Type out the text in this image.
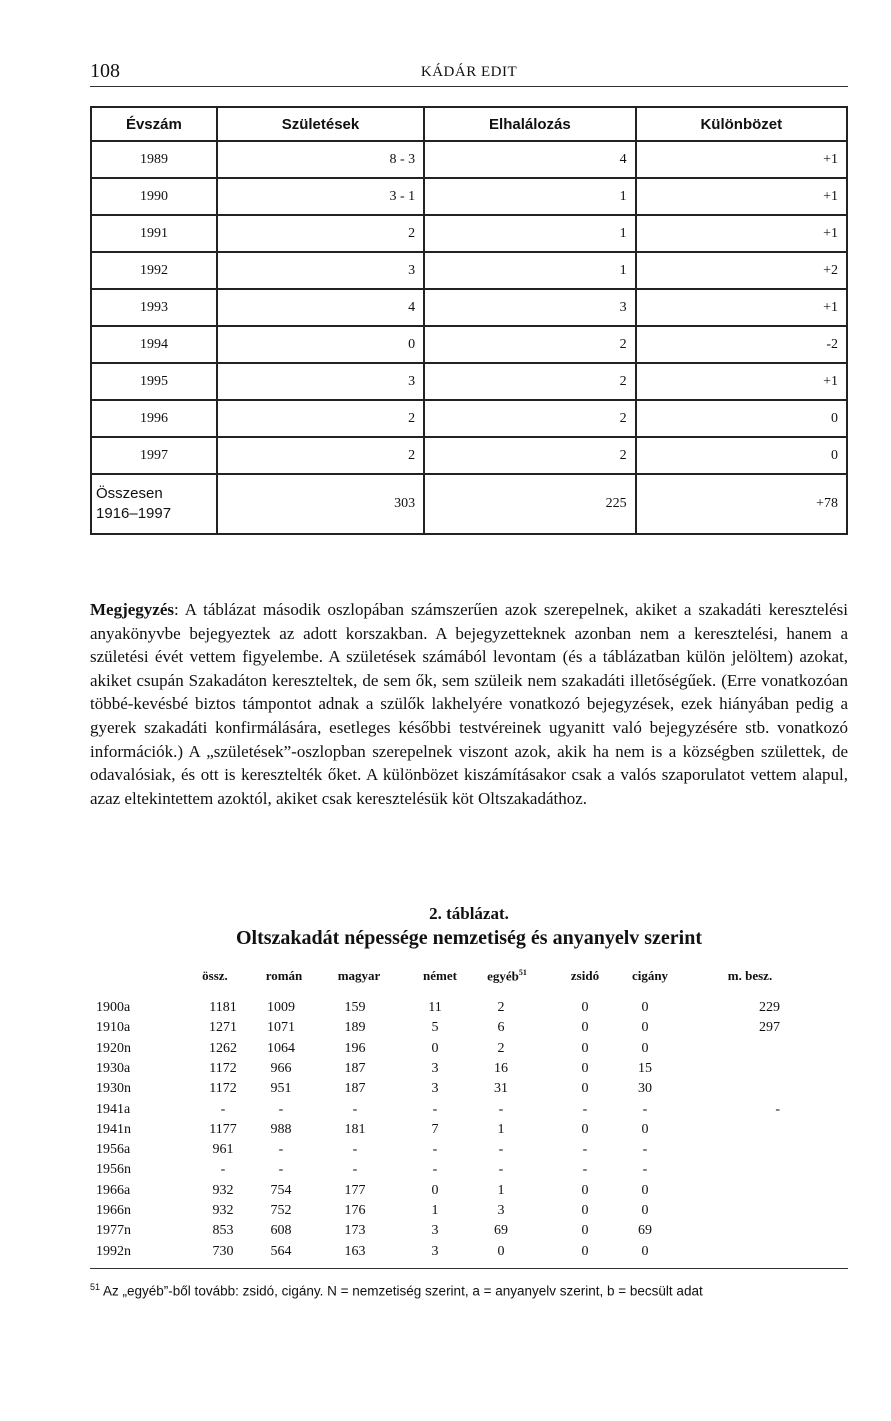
108	KÁDÁR EDIT
Évszám	Születések	Elhalálozás	Különbözet
1989	8 - 3	4	+1
1990	3 - 1	1	+1
1991	2	1	+1
1992	3	1	+2
1993	4	3	+1
1994	0	2	-2
1995	3	2	+1
1996	2	2	0
1997	2	2	0

Összesen
1916–1997	303	225	+78
Megjegyzés: A táblázat második oszlopában számszerűen azok szerepelnek, akiket a szakadáti keresztelési anyakönyvbe bejegyeztek az adott korszakban. A bejegyzetteknek azonban nem a keresztelési, hanem a születési évét vettem figyelembe. A születések számából levontam (és a táblázatban külön jelöltem) azokat, akiket csupán Szakadáton kereszteltek, de sem ők, sem szüleik nem szakadáti illetőségűek. (Erre vonatkozóan többé-kevésbé biztos támpontot adnak a szülők lakhelyére vonatkozó bejegyzések, ezek hiányában pedig a gyerek szakadáti konfirmálására, esetleges későbbi testvéreinek ugyanitt való bejegyzésére stb. vonatkozó információk.) A „születések”-oszlopban szerepelnek viszont azok, akik ha nem is a községben születtek, de odavalósiak, és ott is keresztelték őket. A különbözet kiszámításakor csak a valós szaporulatot vettem alapul, azaz eltekintettem azoktól, akiket csak keresztelésük köt Oltszakadáthoz.
2. táblázat.
Oltszakadát népessége nemzetiség és anyanyelv szerint
össz.	román	magyar	német	egyéb$^{51}$	zsidó	cigány	m. besz.
1900a	1181	1009	159	11	2	0	0	229
1910a	1271	1071	189	5	6	0	0	297
1920n	1262	1064	196	0	2	0	0
1930a	1172	966	187	3	16	0	15
1930n	1172	951	187	3	31	0	30
1941a	-	-	-	-	-	-	-	-
1941n	1177	988	181	7	1	0	0
1956a	961	-	-	-	-	-	-
1956n	-	-	-	-	-	-	-
1966a	932	754	177	0	1	0	0
1966n	932	752	176	1	3	0	0
1977n	853	608	173	3	69	0	69
1992n	730	564	163	3	0	0	0
$^{51}$ Az „egyéb”-ből tovább: zsidó, cigány. N = nemzetiség szerint, a = anyanyelv szerint, b = becsült adat
